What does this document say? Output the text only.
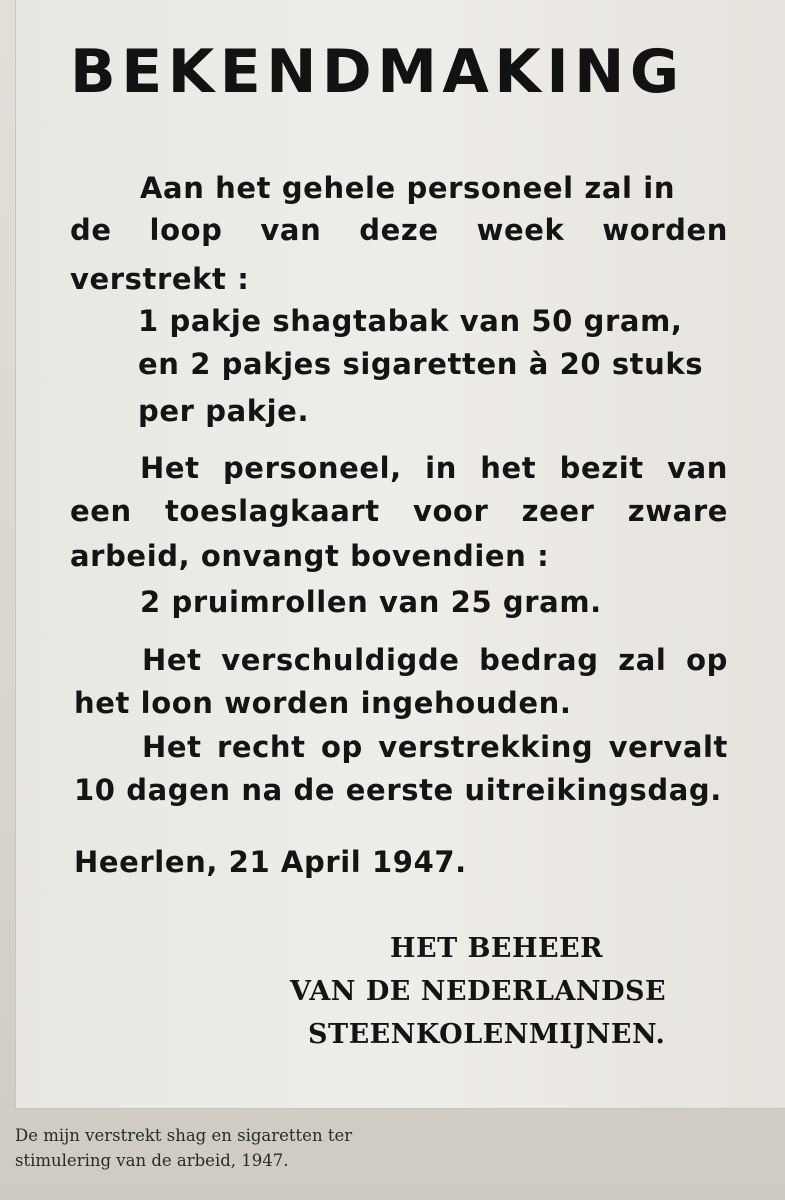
BEKENDMAKING
Aan het gehele personeel zal in
de loop van deze week worden
verstrekt :
1 pakje shagtabak van 50 gram,
en 2 pakjes sigaretten à 20 stuks
per pakje.
Het personeel, in het bezit van
een toeslagkaart voor zeer zware
arbeid, onvangt bovendien :
2 pruimrollen van 25 gram.
Het verschuldigde bedrag zal op
het loon worden ingehouden.
Het recht op verstrekking vervalt
10 dagen na de eerste uitreikingsdag.
Heerlen, 21 April 1947.
HET BEHEER
VAN DE NEDERLANDSE
STEENKOLENMIJNEN.
De mijn verstrekt shag en sigaretten ter
stimulering van de arbeid, 1947.
